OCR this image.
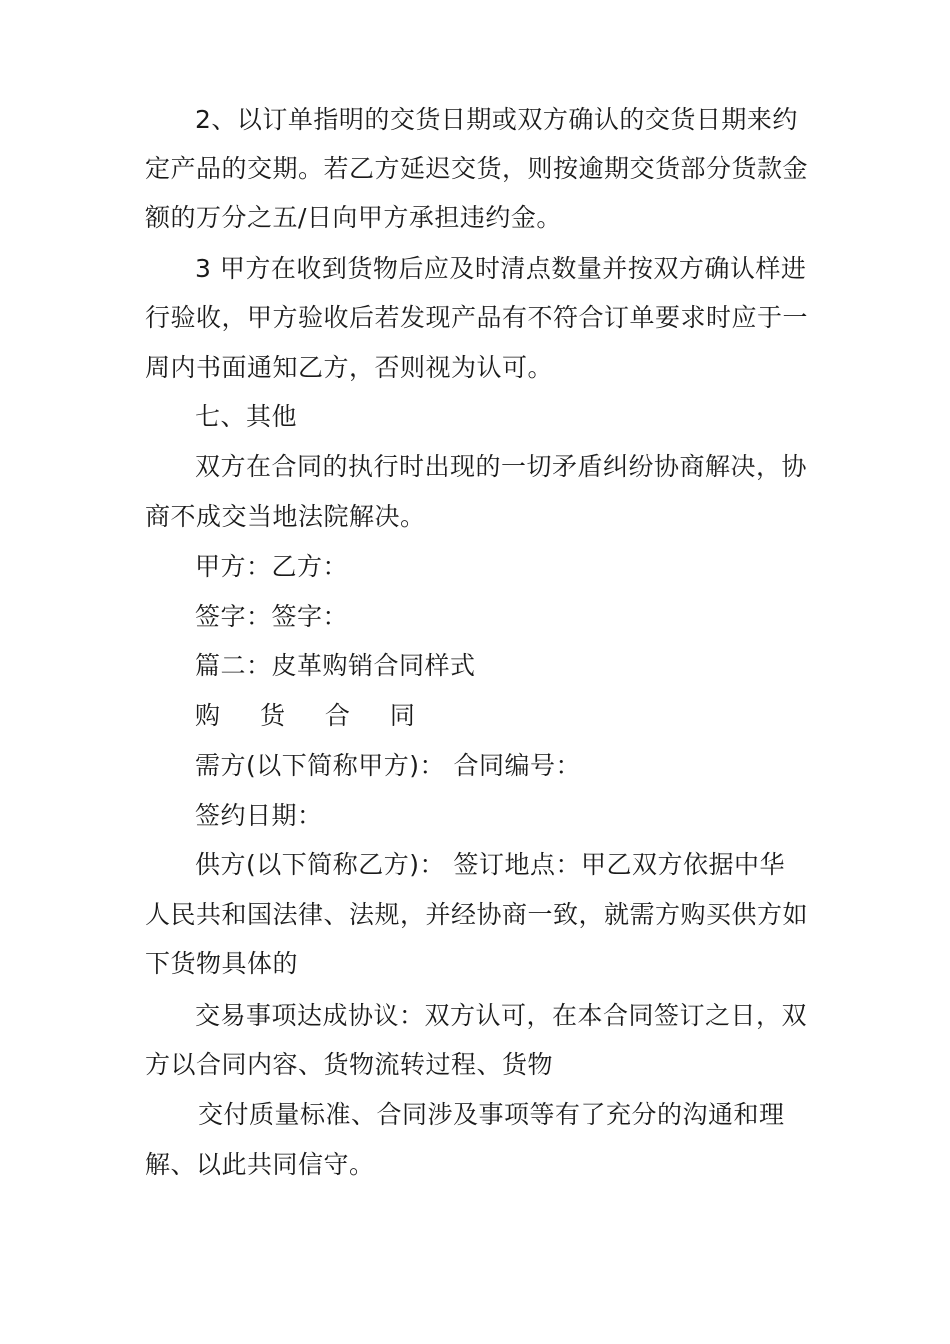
2、以订单指明的交货日期或双方确认的交货日期来约
定产品的交期。若乙方延迟交货，则按逾期交货部分货款金
额的万分之五/日向甲方承担违约金。
3 甲方在收到货物后应及时清点数量并按双方确认样进
行验收，甲方验收后若发现产品有不符合订单要求时应于一
周内书面通知乙方，否则视为认可。
七、其他
双方在合同的执行时出现的一切矛盾纠纷协商解决，协
商不成交当地法院解决。
甲方：乙方：
签字：签字：
篇二：皮革购销合同样式
购 货 合 同
需方(以下简称甲方)： 合同编号：
签约日期：
供方(以下简称乙方)： 签订地点：甲乙双方依据中华
人民共和国法律、法规，并经协商一致，就需方购买供方如
下货物具体的
交易事项达成协议：双方认可，在本合同签订之日，双
方以合同内容、货物流转过程、货物
交付质量标准、合同涉及事项等有了充分的沟通和理
解、以此共同信守。
